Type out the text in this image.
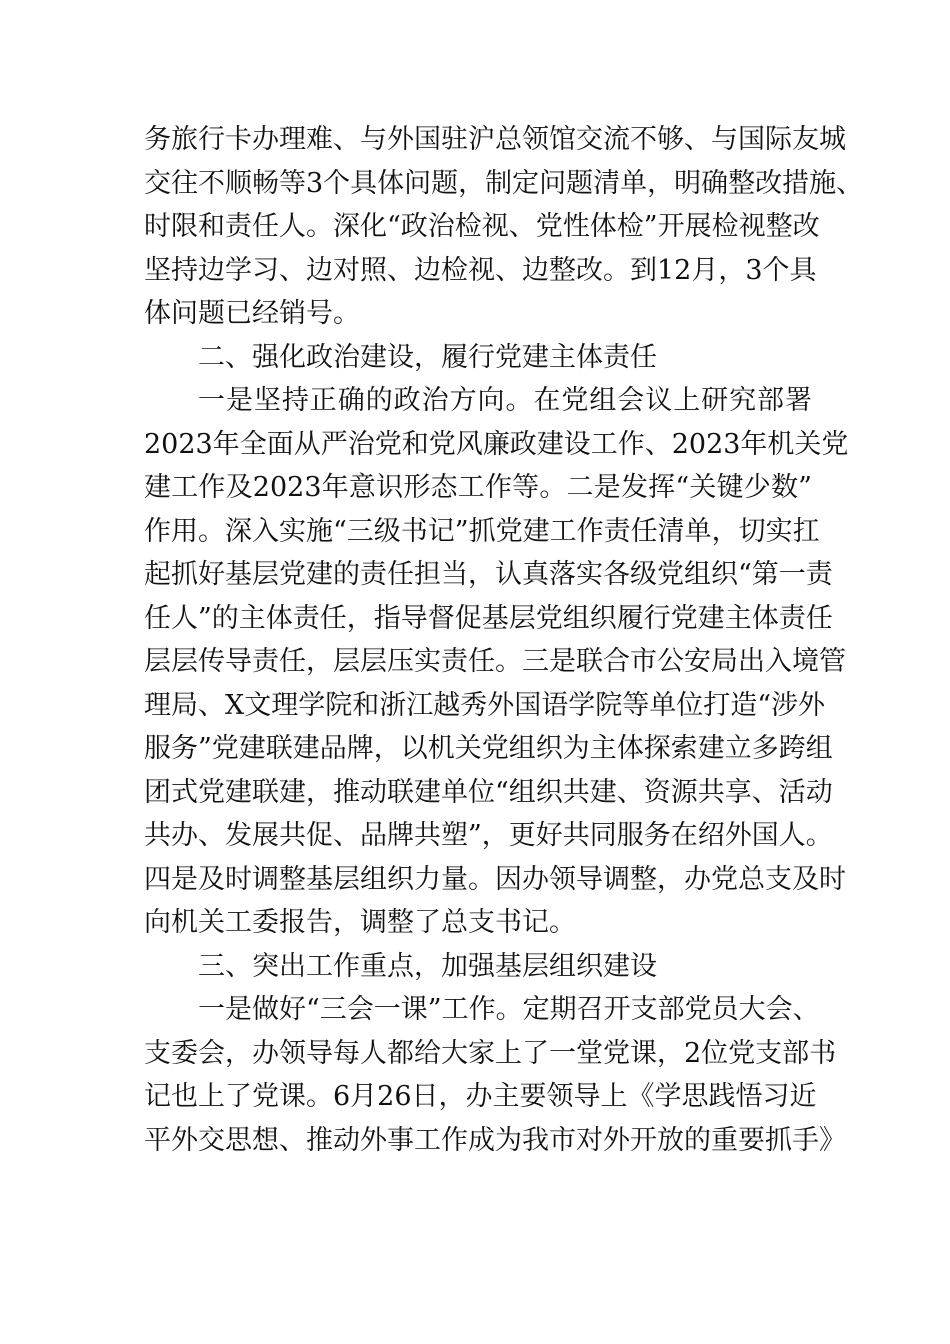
务旅行卡办理难、与外国驻沪总领馆交流不够、与国际友城
交往不顺畅等3个具体问题，制定问题清单，明确整改措施、
时限和责任人。深化“政治检视、党性体检”开展检视整改
坚持边学习、边对照、边检视、边整改。到12月，3个具
体问题已经销号。
二、强化政治建设，履行党建主体责任
一是坚持正确的政治方向。在党组会议上研究部署
2023年全面从严治党和党风廉政建设工作、2023年机关党
建工作及2023年意识形态工作等。二是发挥“关键少数”
作用。深入实施“三级书记”抓党建工作责任清单，切实扛
起抓好基层党建的责任担当，认真落实各级党组织“第一责
任人”的主体责任，指导督促基层党组织履行党建主体责任
层层传导责任，层层压实责任。三是联合市公安局出入境管
理局、X文理学院和浙江越秀外国语学院等单位打造“涉外
服务”党建联建品牌，以机关党组织为主体探索建立多跨组
团式党建联建，推动联建单位“组织共建、资源共享、活动
共办、发展共促、品牌共塑”，更好共同服务在绍外国人。
四是及时调整基层组织力量。因办领导调整，办党总支及时
向机关工委报告，调整了总支书记。
三、突出工作重点，加强基层组织建设
一是做好“三会一课”工作。定期召开支部党员大会、
支委会，办领导每人都给大家上了一堂党课，2位党支部书
记也上了党课。6月26日，办主要领导上《学思践悟习近
平外交思想、推动外事工作成为我市对外开放的重要抓手》
